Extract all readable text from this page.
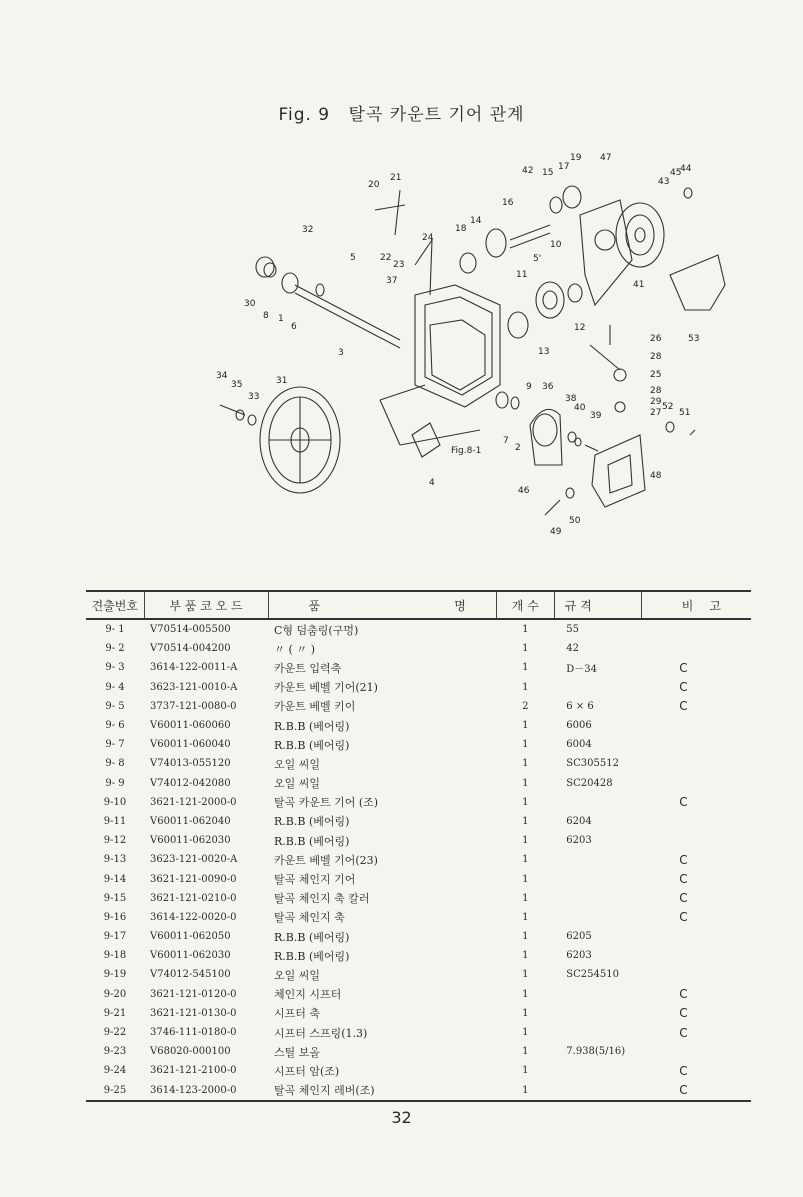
Fig. 9 탈곡 카운트 기어 관계
20
21
42 15
17
19 47
43
45
44
32
14
18
16
24
22
23
5
10
37
11
5'
41
53
30
8 1
6
3	13
12
26
28
25
28
29
27
52
51
34
35	31
33
9 36
38
40
39
7
2
Fig.8-1
4
46
48
50
49
견출번호	부 품 코 오 드	품	명	개 수	규 격	비	고
9- 1	V70514-005500	C형 덤춤링(구멍)		1	55		
9- 2	V70514-004200	〃 ( 〃 )		1	42		
9- 3	3614-122-0011-A	카운트 입력축		1	D－34	C	
9- 4	3623-121-0010-A	카운트 베벨 기어(21)		1		C	
9- 5	3737-121-0080-0	카운트 베벨 키이		2	6 × 6	C	
9- 6	V60011-060060	R.B.B (베어링)		1	6006		
9- 7	V60011-060040	R.B.B (베어링)		1	6004		
9- 8	V74013-055120	오일 씨일		1	SC305512		
9- 9	V74012-042080	오일 씨일		1	SC20428		
9-10	3621-121-2000-0	탈곡 카운트 기어 (조)		1		C	
9-11	V60011-062040	R.B.B (베어링)		1	6204		
9-12	V60011-062030	R.B.B (베어링)		1	6203		
9-13	3623-121-0020-A	카운트 베벨 기어(23)		1		C	
9-14	3621-121-0090-0	탈곡 체인지 기어		1		C	
9-15	3621-121-0210-0	탈곡 체인지 축 칼러		1		C	
9-16	3614-122-0020-0	탈곡 체인지 축		1		C	
9-17	V60011-062050	R.B.B (베어링)		1	6205		
9-18	V60011-062030	R.B.B (베어링)		1	6203		
9-19	V74012-545100	오일 씨일		1	SC254510		
9-20	3621-121-0120-0	체인지 시프터		1		C	
9-21	3621-121-0130-0	시프터 축		1		C	
9-22	3746-111-0180-0	시프터 스프링(1.3)		1		C	
9-23	V68020-000100	스틸 보올		1	7.938(5/16)		
9-24	3621-121-2100-0	시프터 암(조)		1		C	
9-25	3614-123-2000-0	탈곡 체인지 레버(조)		1		C	
32
